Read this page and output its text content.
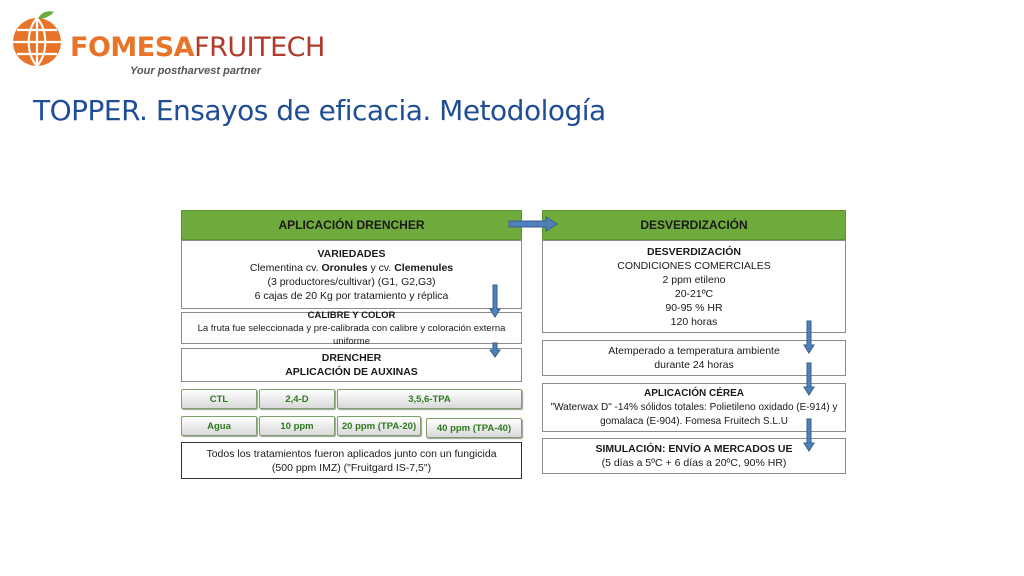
FOMESAFRUITECH
Your postharvest partner
TOPPER. Ensayos de eficacia. Metodología
APLICACIÓN DRENCHER
VARIEDADES
Clementina cv. Oronules y cv. Clemenules
(3 productores/cultivar) (G1, G2,G3)
6 cajas de 20 Kg por tratamiento y réplica
CALIBRE Y COLOR
La fruta fue seleccionada y pre-calibrada con calibre y coloración externa uniforme
DRENCHER
APLICACIÓN DE AUXINAS
CTL	2,4-D	3,5,6-TPA
Agua	10 ppm	20 ppm (TPA-20)	40 ppm (TPA-40)
Todos los tratamientos fueron aplicados junto con un fungicida (500 ppm IMZ) ("Fruitgard IS-7,5")
DESVERDIZACIÓN
DESVERDIZACIÓN
CONDICIONES COMERCIALES
2 ppm etileno
20-21ºC
90-95 % HR
120 horas
Atemperado a temperatura ambiente
durante 24 horas
APLICACIÓN CÉREA
"Waterwax D" -14% sólidos totales: Polietileno oxidado (E-914) y
gomalaca (E-904). Fomesa Fruitech S.L.U
SIMULACIÓN: ENVÍO A MERCADOS UE
(5 días a 5ºC + 6 días a 20ºC, 90% HR)
